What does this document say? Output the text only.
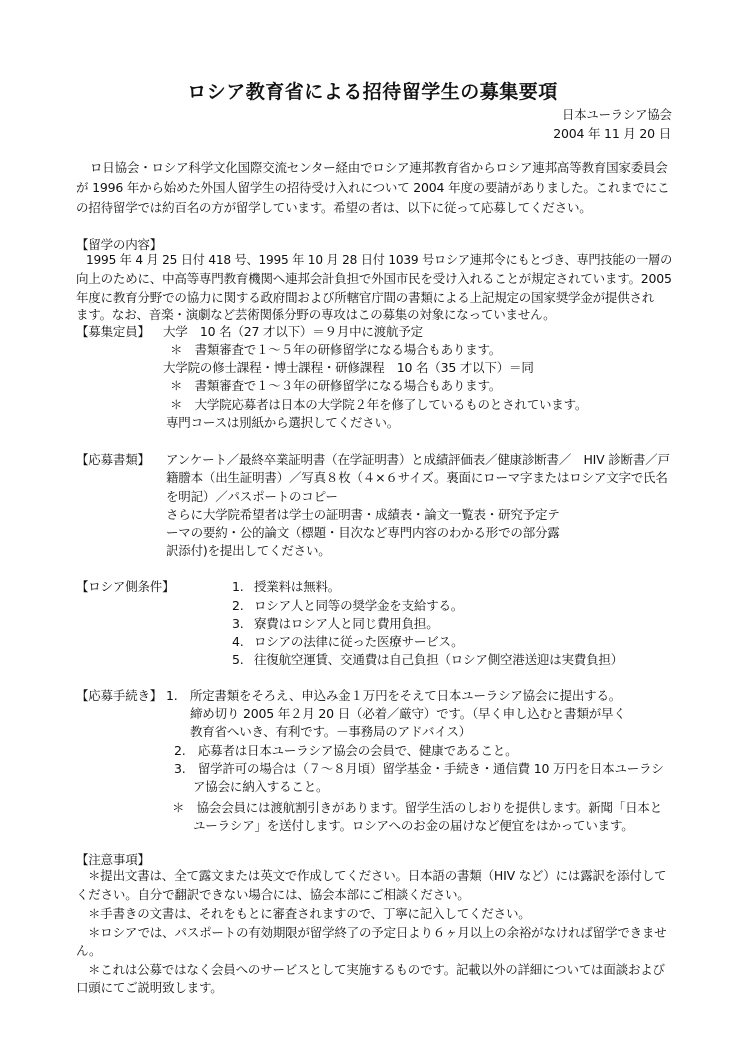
ロシア教育省による招待留学生の募集要項
日本ユーラシア協会
2004 年 11 月 20 日
ロ日協会・ロシア科学文化国際交流センター経由でロシア連邦教育省からロシア連邦高等教育国家委員会
が 1996 年から始めた外国人留学生の招待受け入れについて 2004 年度の要請がありました。これまでにこ
の招待留学では約百名の方が留学しています。希望の者は、以下に従って応募してください。
【留学の内容】
1995 年 4 月 25 日付 418 号、1995 年 10 月 28 日付 1039 号ロシア連邦令にもとづき、専門技能の一層の
向上のために、中高等専門教育機関へ連邦会計負担で外国市民を受け入れることが規定されています。2005
年度に教育分野での協力に関する政府間および所轄官庁間の書類による上記規定の国家奨学金が提供され
ます。なお、音楽・演劇など芸術関係分野の専攻はこの募集の対象になっていません。
【募集定員】 大学　10 名（27 才以下）＝９月中に渡航予定
＊　書類審査で１～５年の研修留学になる場合もあります。
大学院の修士課程・博士課程・研修課程　10 名（35 才以下）＝同
＊　書類審査で１～３年の研修留学になる場合もあります。
＊　大学院応募者は日本の大学院２年を修了しているものとされています。
専門コースは別紙から選択してください。
【応募書類】 アンケート／最終卒業証明書（在学証明書）と成績評価表／健康診断書／　HIV 診断書／戸
籍謄本（出生証明書）／写真８枚（４×６サイズ。裏面にローマ字またはロシア文字で氏名
を明記）／パスポートのコピー
さらに大学院希望者は学士の証明書・成績表・論文一覧表・研究予定テ
ーマの要約・公的論文（標題・目次など専門内容のわかる形での部分露
訳添付)を提出してください。
【ロシア側条件】	1. 授業料は無料。
2. ロシア人と同等の奨学金を支給する。
3. 寮費はロシア人と同じ費用負担。
4. ロシアの法律に従った医療サービス。
5. 往復航空運賃、交通費は自己負担（ロシア側空港送迎は実費負担）
【応募手続き】 1.　所定書類をそろえ、申込み金１万円をそえて日本ユーラシア協会に提出する。
締め切り 2005 年２月 20 日（必着／厳守）です。（早く申し込むと書類が早く
教育省へいき、有利です。－事務局のアドバイス）
2.　応募者は日本ユーラシア協会の会員で、健康であること。
3.　留学許可の場合は（７～８月頃）留学基金・手続き・通信費 10 万円を日本ユーラシ
ア協会に納入すること。
＊　協会会員には渡航割引きがあります。留学生活のしおりを提供します。新聞「日本と
ユーラシア」を送付します。ロシアへのお金の届けなど便宜をはかっています。
【注意事項】
＊提出文書は、全て露文または英文で作成してください。日本語の書類（HIV など）には露訳を添付して
ください。自分で翻訳できない場合には、協会本部にご相談ください。
＊手書きの文書は、それをもとに審査されますので、丁寧に記入してください。
＊ロシアでは、パスポートの有効期限が留学終了の予定日より６ヶ月以上の余裕がなければ留学できませ
ん。
＊これは公募ではなく会員へのサービスとして実施するものです。記載以外の詳細については面談および
口頭にてご説明致します。
